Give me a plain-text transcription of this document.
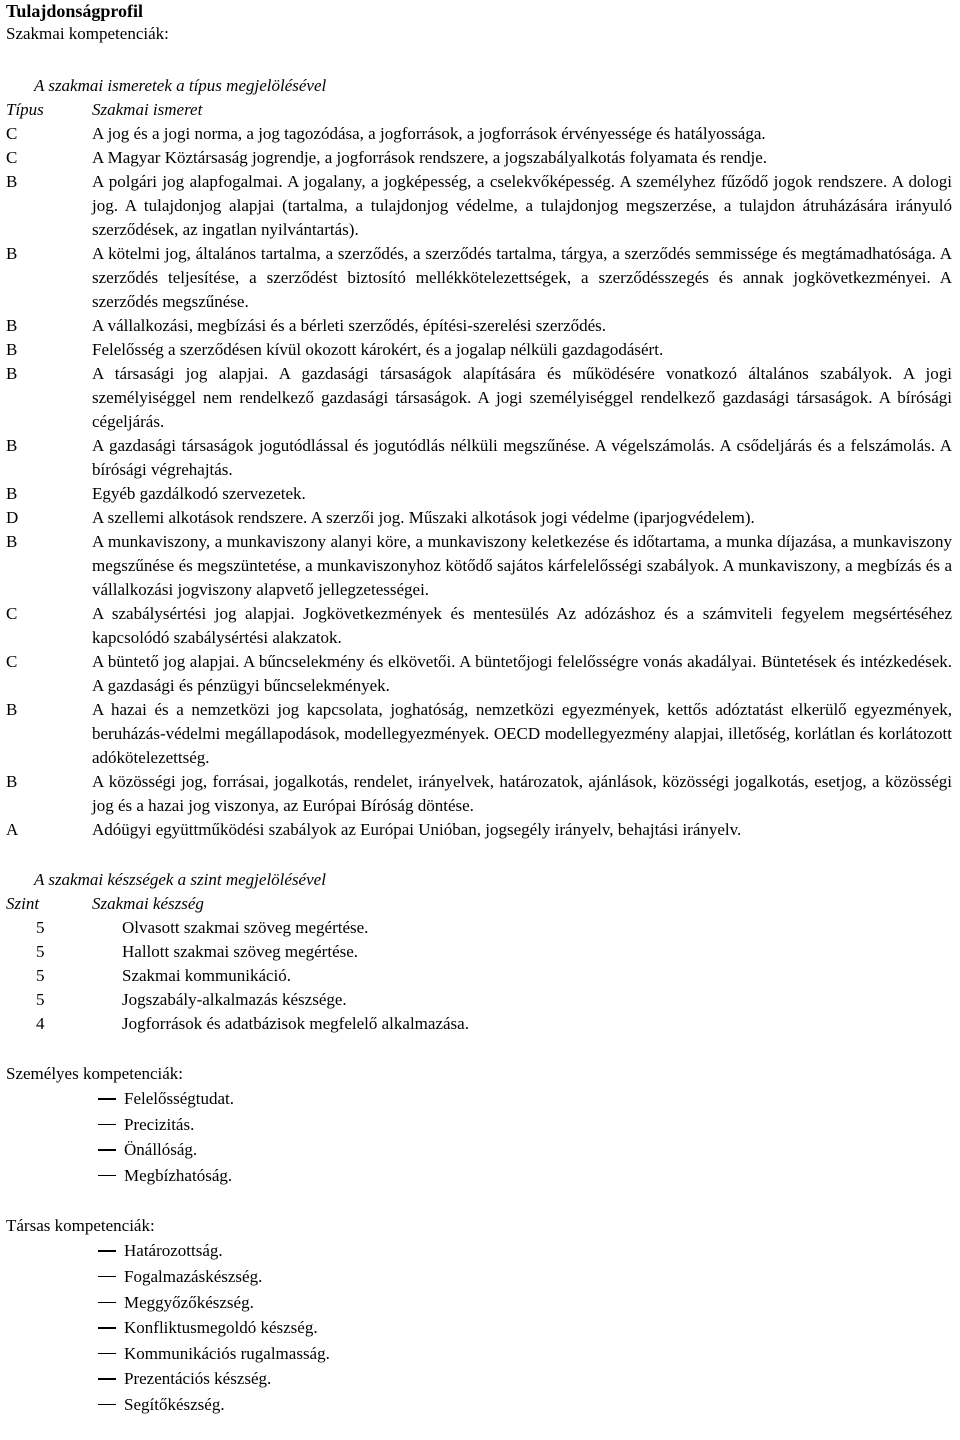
Tulajdonságprofil
Szakmai kompetenciák:
A szakmai ismeretek a típus megjelölésével
Típus	Szakmai ismeret
C	A jog és a jogi norma, a jog tagozódása, a jogforrások, a jogforrások érvényessége és hatályossága.
C	A Magyar Köztársaság jogrendje, a jogforrások rendszere, a jogszabályalkotás folyamata és rendje.
B	A polgári jog alapfogalmai. A jogalany, a jogképesség, a cselekvőképesség. A személyhez fűződő jogok rendszere. A dologi jog. A tulajdonjog alapjai (tartalma, a tulajdonjog védelme, a tulajdonjog megszerzése, a tulajdon átruházására irányuló szerződések, az ingatlan nyilvántartás).
B	A kötelmi jog, általános tartalma, a szerződés, a szerződés tartalma, tárgya, a szerződés semmissége és megtámadhatósága. A szerződés teljesítése, a szerződést biztosító mellékkötelezettségek, a szerződésszegés és annak jogkövetkezményei. A szerződés megszűnése.
B	A vállalkozási, megbízási és a bérleti szerződés, építési-szerelési szerződés.
B	Felelősség a szerződésen kívül okozott károkért, és a jogalap nélküli gazdagodásért.
B	A társasági jog alapjai. A gazdasági társaságok alapítására és működésére vonatkozó általános szabályok. A jogi személyiséggel nem rendelkező gazdasági társaságok. A jogi személyiséggel rendelkező gazdasági társaságok. A bírósági cégeljárás.
B	A gazdasági társaságok jogutódlással és jogutódlás nélküli megszűnése. A végelszámolás. A csődeljárás és a felszámolás. A bírósági végrehajtás.
B	Egyéb gazdálkodó szervezetek.
D	A szellemi alkotások rendszere. A szerzői jog. Műszaki alkotások jogi védelme (iparjogvédelem).
B	A munkaviszony, a munkaviszony alanyi köre, a munkaviszony keletkezése és időtartama, a munka díjazása, a munkaviszony megszűnése és megszüntetése, a munkaviszonyhoz kötődő sajátos kárfelelősségi szabályok. A munkaviszony, a megbízás és a vállalkozási jogviszony alapvető jellegzetességei.
C	A szabálysértési jog alapjai. Jogkövetkezmények és mentesülés Az adózáshoz és a számviteli fegyelem megsértéséhez kapcsolódó szabálysértési alakzatok.
C	A büntető jog alapjai. A bűncselekmény és elkövetői. A büntetőjogi felelősségre vonás akadályai. Büntetések és intézkedések. A gazdasági és pénzügyi bűncselekmények.
B	A hazai és a nemzetközi jog kapcsolata, joghatóság, nemzetközi egyezmények, kettős adóztatást elkerülő egyezmények, beruházás-védelmi megállapodások, modellegyezmények. OECD modellegyezmény alapjai, illetőség, korlátlan és korlátozott adókötelezettség.
B	A közösségi jog, forrásai, jogalkotás, rendelet, irányelvek, határozatok, ajánlások, közösségi jogalkotás, esetjog, a közösségi jog és a hazai jog viszonya, az Európai Bíróság döntése.
A	Adóügyi együttműködési szabályok az Európai Unióban, jogsegély irányelv, behajtási irányelv.
A szakmai készségek a szint megjelölésével
Szint	Szakmai készség
5	Olvasott szakmai szöveg megértése.
5	Hallott szakmai szöveg megértése.
5	Szakmai kommunikáció.
5	Jogszabály-alkalmazás készsége.
4	Jogforrások és adatbázisok megfelelő alkalmazása.
Személyes kompetenciák:
Felelősségtudat.
Precizitás.
Önállóság.
Megbízhatóság.
Társas kompetenciák:
Határozottság.
Fogalmazáskészség.
Meggyőzőkészség.
Konfliktusmegoldó készség.
Kommunikációs rugalmasság.
Prezentációs készség.
Segítőkészség.
